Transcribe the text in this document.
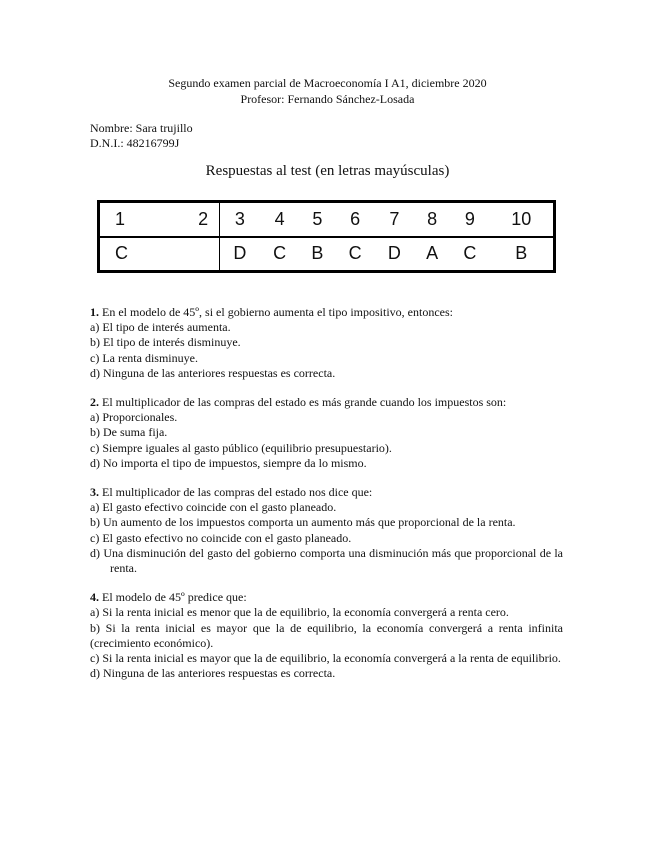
Segundo examen parcial de Macroeconomía I A1, diciembre 2020
Profesor: Fernando Sánchez-Losada
Nombre: Sara trujillo
D.N.I.: 48216799J
Respuestas al test (en letras mayúsculas)
1	2	3	4	5	6	7	8	9	10
C		D	C	B	C	D	A	C	B
1. En el modelo de 45º, si el gobierno aumenta el tipo impositivo, entonces:
a) El tipo de interés aumenta.
b) El tipo de interés disminuye.
c) La renta disminuye.
d) Ninguna de las anteriores respuestas es correcta.
2. El multiplicador de las compras del estado es más grande cuando los impuestos son:
a) Proporcionales.
b) De suma fija.
c) Siempre iguales al gasto público (equilibrio presupuestario).
d) No importa el tipo de impuestos, siempre da lo mismo.
3. El multiplicador de las compras del estado nos dice que:
a) El gasto efectivo coincide con el gasto planeado.
b) Un aumento de los impuestos comporta un aumento más que proporcional de la renta.
c) El gasto efectivo no coincide con el gasto planeado.
d) Una disminución del gasto del gobierno comporta una disminución más que proporcional de la renta.
4. El modelo de 45º predice que:
a) Si la renta inicial es menor que la de equilibrio, la economía convergerá a renta cero.
b) Si la renta inicial es mayor que la de equilibrio, la economía convergerá a renta infinita (crecimiento económico).
c) Si la renta inicial es mayor que la de equilibrio, la economía convergerá a la renta de equilibrio.
d) Ninguna de las anteriores respuestas es correcta.
